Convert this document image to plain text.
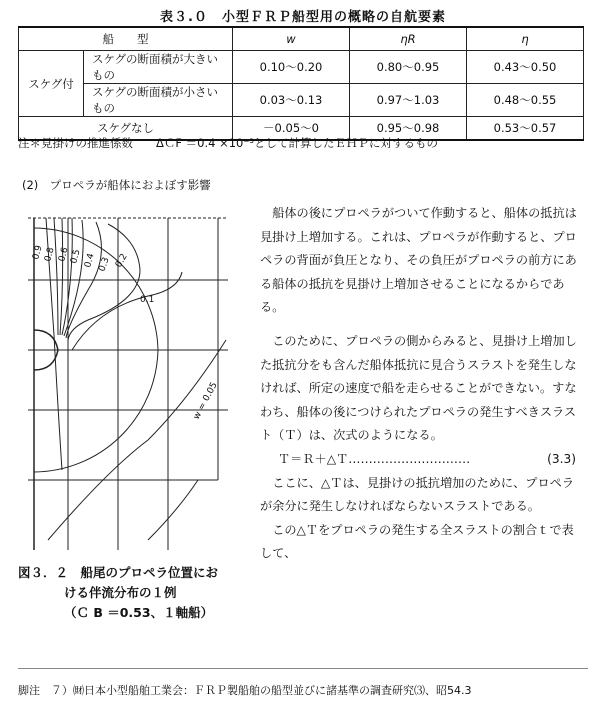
表３.０　小型ＦＲＰ船型用の概略の自航要素
船　　型		w	ηR	η
スケグ付	スケグの断面積が大きいもの	0.10～0.20	0.80～0.95	0.43～0.50
	スケグの断面積が小さいもの	0.03～0.13	0.97～1.03	0.48～0.55
スケグなし		－0.05～0	0.95～0.98	0.53～0.57
注＊見掛けの推進係数　　ΔＣF ＝0.4 ×10⁻³として計算したＥＨＰに対するもの
(2)　プロペラが船体におよぼす影響
0.9
0.8 0.6
0.5 0.4 0.3 0.2
0.1
w = 0.05
図３．２　船尾のプロペラ位置にお
ける伴流分布の１例
（Ｃ B ＝0.53、１軸船）

船体の後にプロペラがついて作動すると、船体の抵抗は見掛け上増加する。これは、プロペラが作動すると、プロペラの背面が負圧となり、その負圧がプロペラの前方にある船体の抵抗を見掛け上増加させることになるからである。

このために、プロペラの側からみると、見掛け上増加した抵抗分をも含んだ船体抵抗に見合うスラストを発生しなければ、所定の速度で船を走らせることができない。すなわち、船体の後につけられたプロペラの発生すべきスラスト（Ｔ）は、次式のようになる。

Ｔ＝Ｒ＋△Ｔ…………………………	(3.3)

ここに、△Ｔは、見掛けの抵抗増加のために、プロペラが余分に発生しなければならないスラストである。

この△Ｔをプロペラの発生する全スラストの割合ｔで表して、

脚注　７）㈶日本小型船舶工業会：ＦＲＰ製船舶の船型並びに諸基準の調査研究⑶、昭54.3
